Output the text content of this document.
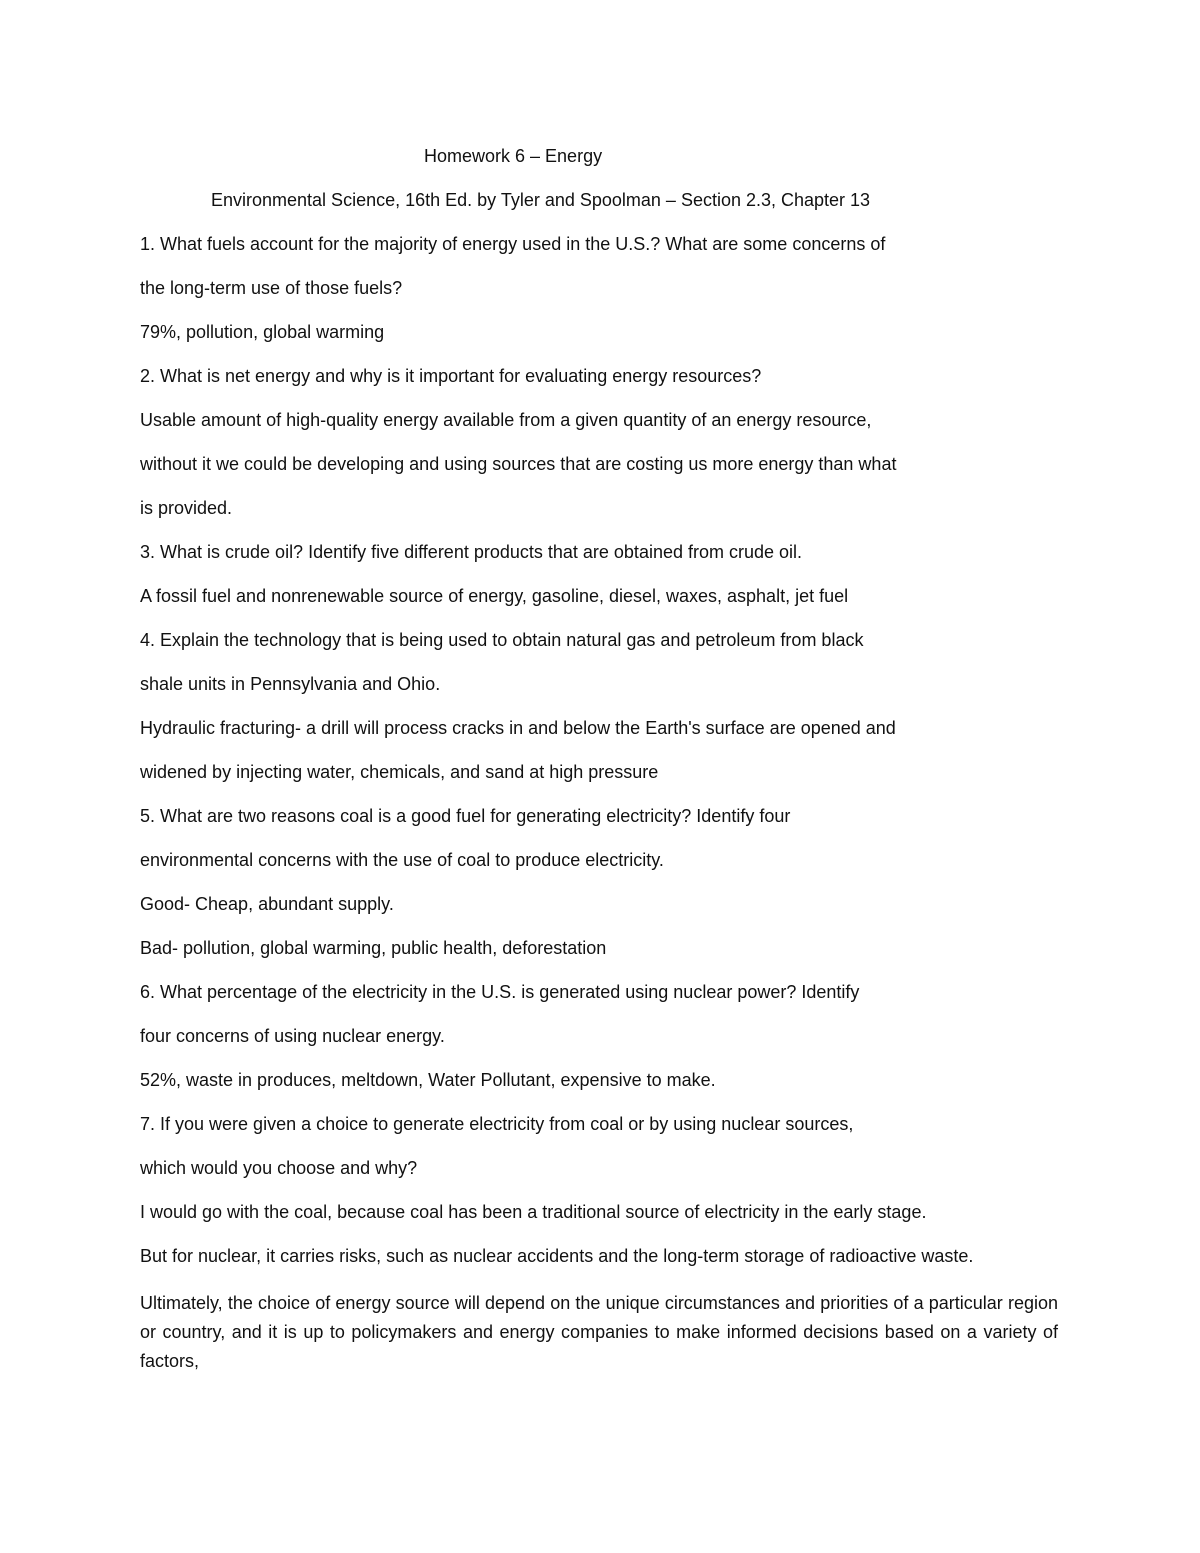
Homework 6 – Energy
Environmental Science, 16th Ed. by Tyler and Spoolman – Section 2.3, Chapter 13
1. What fuels account for the majority of energy used in the U.S.? What are some concerns of
the long-term use of those fuels?
79%, pollution, global warming
2. What is net energy and why is it important for evaluating energy resources?
Usable amount of high-quality energy available from a given quantity of an energy resource,
without it we could be developing and using sources that are costing us more energy than what
is provided.
3. What is crude oil? Identify five different products that are obtained from crude oil.
A fossil fuel and nonrenewable source of energy, gasoline, diesel, waxes, asphalt, jet fuel
4. Explain the technology that is being used to obtain natural gas and petroleum from black
shale units in Pennsylvania and Ohio.
Hydraulic fracturing- a drill will process cracks in and below the Earth's surface are opened and
widened by injecting water, chemicals, and sand at high pressure
5. What are two reasons coal is a good fuel for generating electricity? Identify four
environmental concerns with the use of coal to produce electricity.
Good- Cheap, abundant supply.
Bad- pollution, global warming, public health, deforestation
6. What percentage of the electricity in the U.S. is generated using nuclear power? Identify
four concerns of using nuclear energy.
52%, waste in produces, meltdown, Water Pollutant, expensive to make.
7. If you were given a choice to generate electricity from coal or by using nuclear sources,
which would you choose and why?
I would go with the coal, because coal has been a traditional source of electricity in the early stage.
But for nuclear, it carries risks, such as nuclear accidents and the long-term storage of radioactive waste.
Ultimately, the choice of energy source will depend on the unique circumstances and priorities of a particular region or country, and it is up to policymakers and energy companies to make informed decisions based on a variety of factors,
